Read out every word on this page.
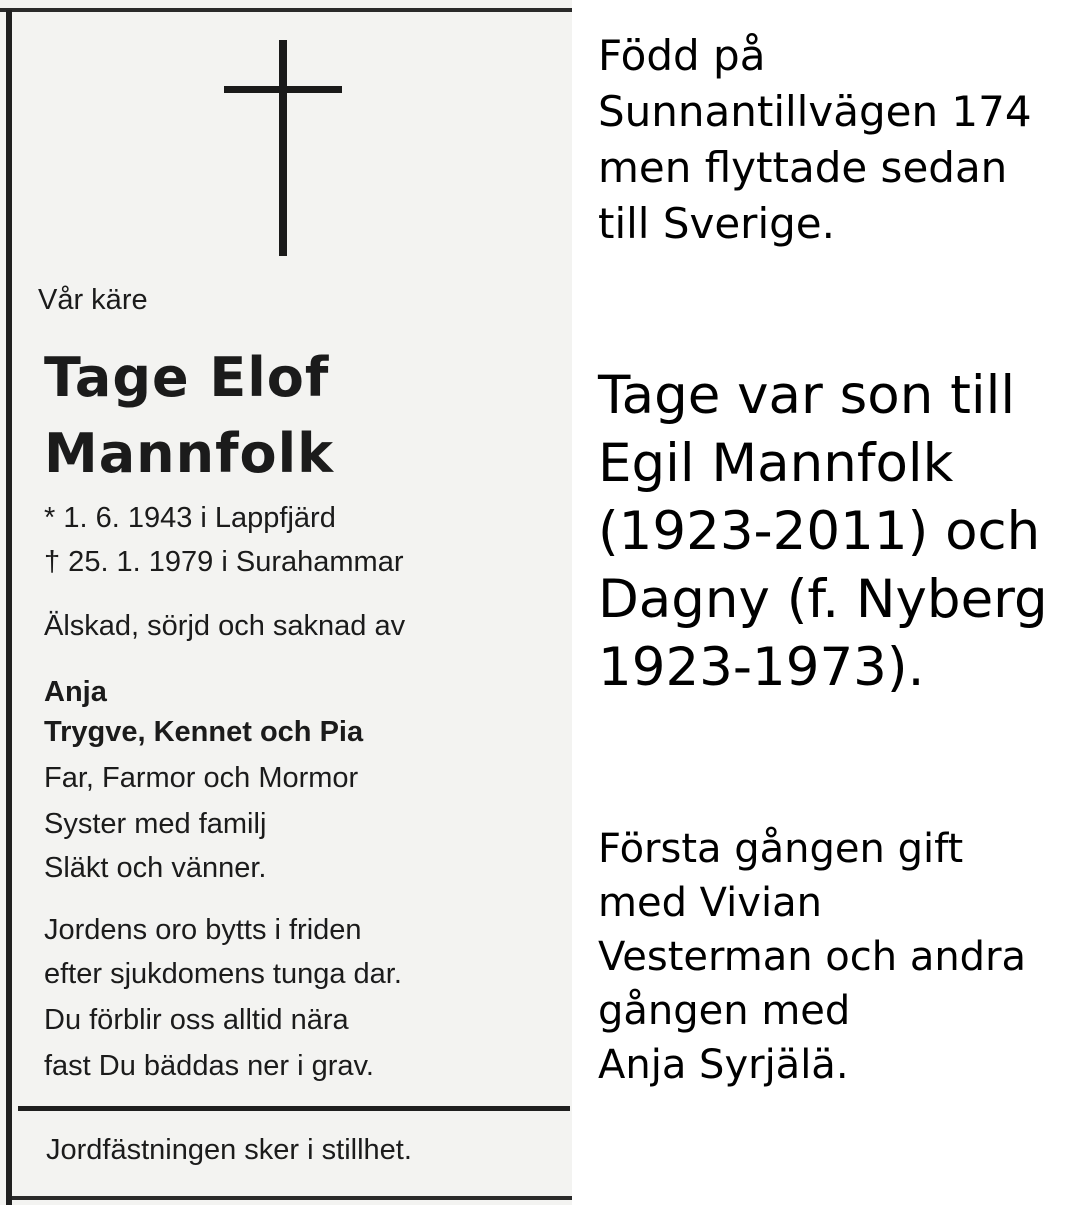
Vår käre
Tage Elof
Mannfolk
* 1. 6. 1943 i Lappfjärd
† 25. 1. 1979 i Surahammar
Älskad, sörjd och saknad av
Anja
Trygve, Kennet och Pia
Far, Farmor och Mormor
Syster med familj
Släkt och vänner.
Jordens oro bytts i friden
efter sjukdomens tunga dar.
Du förblir oss alltid nära
fast Du bäddas ner i grav.
Jordfästningen sker i stillhet.
Född på
Sunnantillvägen 174
men flyttade sedan
till Sverige.
Tage var son till
Egil Mannfolk
(1923-2011) och
Dagny (f. Nyberg
1923-1973).
Första gången gift
med Vivian
Vesterman och andra
gången med
Anja Syrjälä.
